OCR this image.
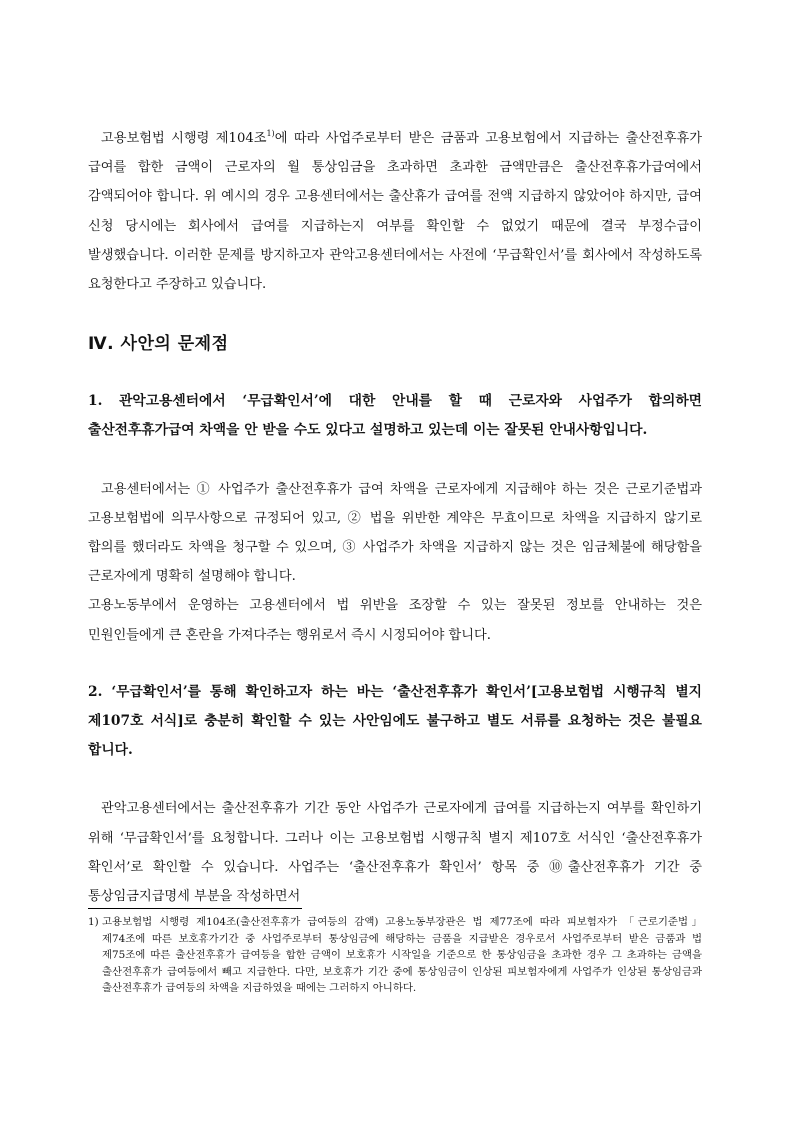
고용보험법 시행령 제104조$^{1)}$에 따라 사업주로부터 받은 금품과 고용보험에서 지급하는 출산전후휴가 급여를 합한 금액이 근로자의 월 통상임금을 초과하면 초과한 금액만큼은 출산전후휴가급여에서 감액되어야 합니다. 위 예시의 경우 고용센터에서는 출산휴가 급여를 전액 지급하지 않았어야 하지만, 급여 신청 당시에는 회사에서 급여를 지급하는지 여부를 확인할 수 없었기 때문에 결국 부정수급이 발생했습니다. 이러한 문제를 방지하고자 관악고용센터에서는 사전에 ‘무급확인서’를 회사에서 작성하도록 요청한다고 주장하고 있습니다.

Ⅳ. 사안의 문제점
1. 관악고용센터에서 ‘무급확인서’에 대한 안내를 할 때 근로자와 사업주가 합의하면 출산전후휴가급여 차액을 안 받을 수도 있다고 설명하고 있는데 이는 잘못된 안내사항입니다.

고용센터에서는 ① 사업주가 출산전후휴가 급여 차액을 근로자에게 지급해야 하는 것은 근로기준법과 고용보험법에 의무사항으로 규정되어 있고, ② 법을 위반한 계약은 무효이므로 차액을 지급하지 않기로 합의를 했더라도 차액을 청구할 수 있으며, ③ 사업주가 차액을 지급하지 않는 것은 임금체불에 해당함을 근로자에게 명확히 설명해야 합니다.

고용노동부에서 운영하는 고용센터에서 법 위반을 조장할 수 있는 잘못된 정보를 안내하는 것은 민원인들에게 큰 혼란을 가져다주는 행위로서 즉시 시정되어야 합니다.

2. ‘무급확인서’를 통해 확인하고자 하는 바는 ‘출산전후휴가 확인서’[고용보험법 시행규칙 별지 제107호 서식]로 충분히 확인할 수 있는 사안임에도 불구하고 별도 서류를 요청하는 것은 불필요 합니다.

관악고용센터에서는 출산전후휴가 기간 동안 사업주가 근로자에게 급여를 지급하는지 여부를 확인하기 위해 ‘무급확인서’를 요청합니다. 그러나 이는 고용보험법 시행규칙 별지 제107호 서식인 ‘출산전후휴가 확인서’로 확인할 수 있습니다. 사업주는 ‘출산전후휴가 확인서’ 항목 중 ⑩출산전후휴가 기간 중 통상임금지급명세 부분을 작성하면서

1) 고용보험법 시행령 제104조(출산전후휴가 급여등의 감액) 고용노동부장관은 법 제77조에 따라 피보험자가 「근로기준법」 제74조에 따른 보호휴가기간 중 사업주로부터 통상임금에 해당하는 금품을 지급받은 경우로서 사업주로부터 받은 금품과 법 제75조에 따른 출산전후휴가 급여등을 합한 금액이 보호휴가 시작일을 기준으로 한 통상임금을 초과한 경우 그 초과하는 금액을 출산전후휴가 급여등에서 빼고 지급한다. 다만, 보호휴가 기간 중에 통상임금이 인상된 피보험자에게 사업주가 인상된 통상임금과 출산전후휴가 급여등의 차액을 지급하였을 때에는 그러하지 아니하다.
